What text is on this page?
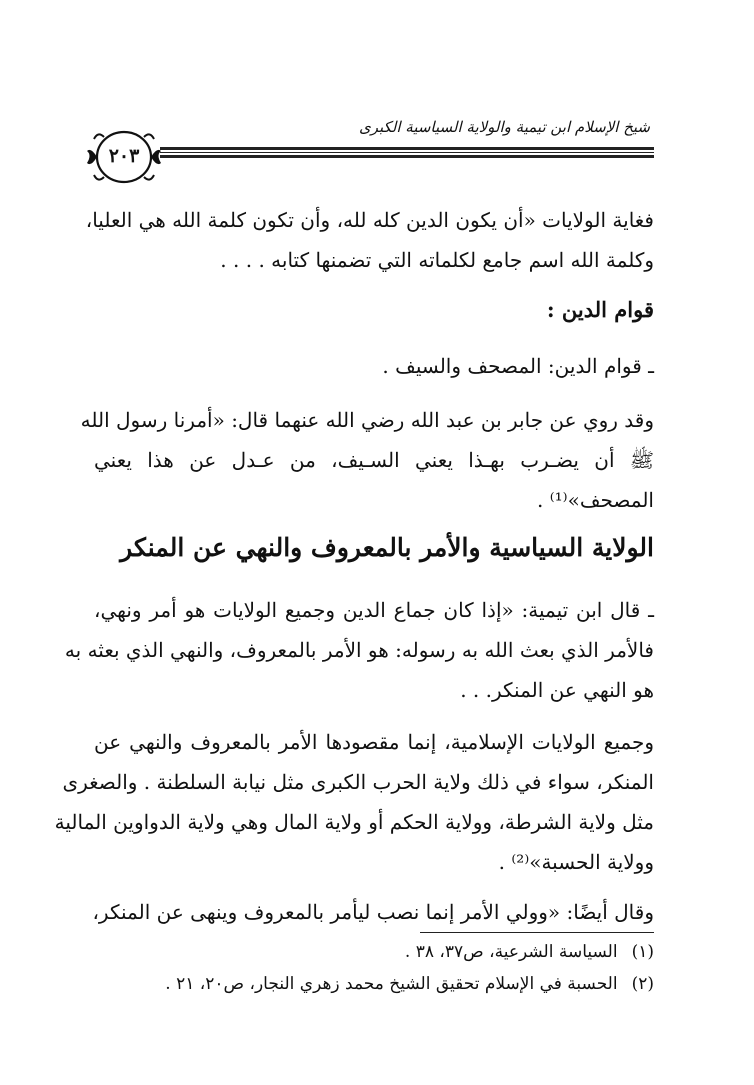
شيخ الإسلام ابن تيمية والولاية السياسية الكبرى
٢٠٣
فغاية الولايات «أن يكون الدين كله لله، وأن تكون كلمة الله هي العليا،
وكلمة الله اسم جامع لكلماته التي تضمنها كتابه . . . .
قوام الدين :
ـ قوام الدين: المصحف والسيف .
وقد روي عن جابر بن عبد الله رضي الله عنهما قال: «أمرنا رسول الله
ﷺ أن يضـرب بهـذا يعني السـيف، من عـدل عن هذا يعني
المصحف»⁽¹⁾ .
الولاية السياسية والأمر بالمعروف والنهي عن المنكر
ـ قال ابن تيمية: «إذا كان جماع الدين وجميع الولايات هو أمر ونهي،
فالأمر الذي بعث الله به رسوله: هو الأمر بالمعروف، والنهي الذي بعثه به
هو النهي عن المنكر. . .
وجميع الولايات الإسلامية، إنما مقصودها الأمر بالمعروف والنهي عن
المنكر، سواء في ذلك ولاية الحرب الكبرى مثل نيابة السلطنة . والصغرى
مثل ولاية الشرطة، وولاية الحكم أو ولاية المال وهي ولاية الدواوين المالية
وولاية الحسبة»⁽²⁾ .
وقال أيضًا: «وولي الأمر إنما نصب ليأمر بالمعروف وينهى عن المنكر،
(١)السياسة الشرعية، ص٣٧، ٣٨ .
(٢)الحسبة في الإسلام تحقيق الشيخ محمد زهري النجار، ص٢٠، ٢١ .
